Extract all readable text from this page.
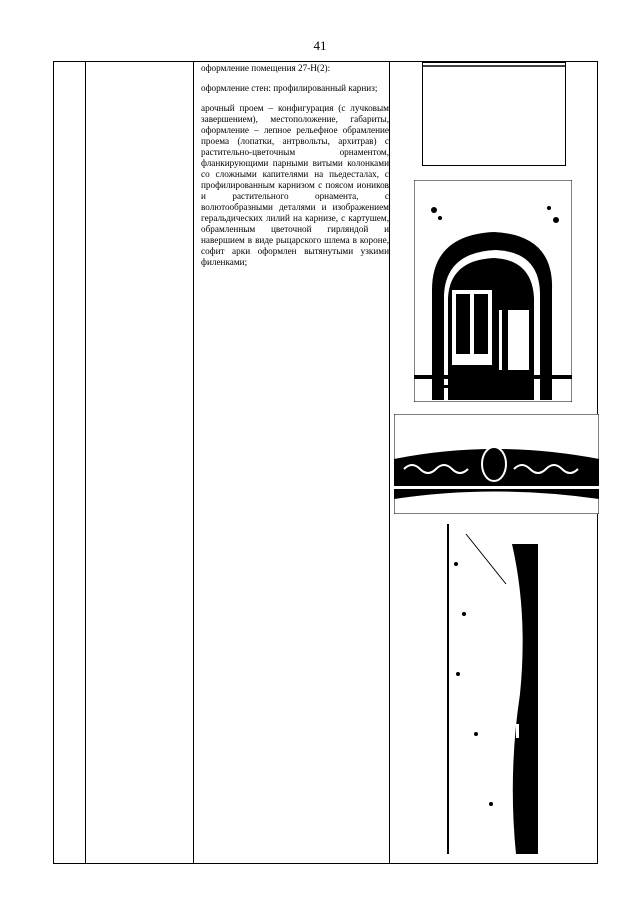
41

оформление помещения 27-Н(2):

оформление стен: профилированный карниз;

арочный проем – конфигурация (с лучковым завершением), местоположение, габариты, оформление – лепное рельефное обрамление проема (лопатки, антрвольты, архитрав) с растительно-цветочным орнаментом, фланкирующими парными витыми колонками со сложными капителями на пьедесталах, с профилированным карнизом с поясом иоников и растительного орнамента, с волютообразными деталями и изображением геральдических лилий на карнизе, с картушем, обрамленным цветочной гирляндой и навершием в виде рыцарского шлема в короне, софит арки оформлен вытянутыми узкими филенками;
